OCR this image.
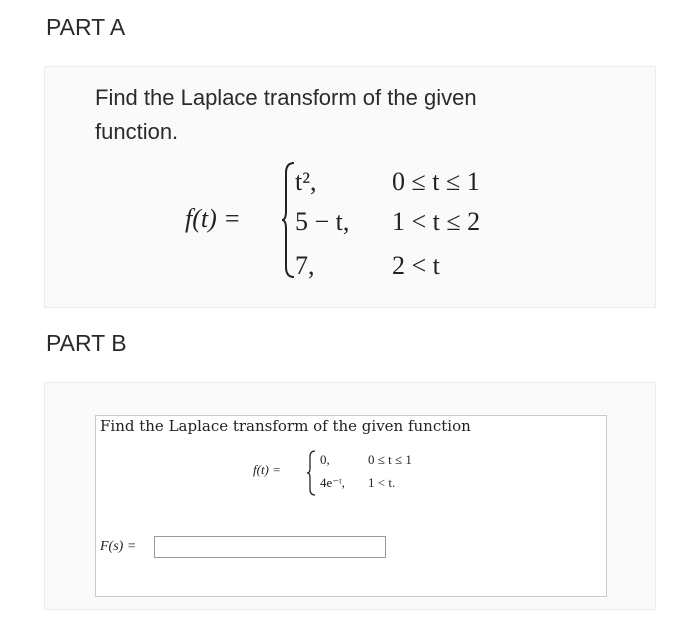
PART A
Find the Laplace transform of the given function.
f(t) =
t²,	0 ≤ t ≤ 1
5 − t, 1 < t ≤ 2
7,	2 < t
PART B
Find the Laplace transform of the given function
f(t) =
0,	0 ≤ t ≤ 1
4e⁻ᵗ, 1 < t.
F(s) =
